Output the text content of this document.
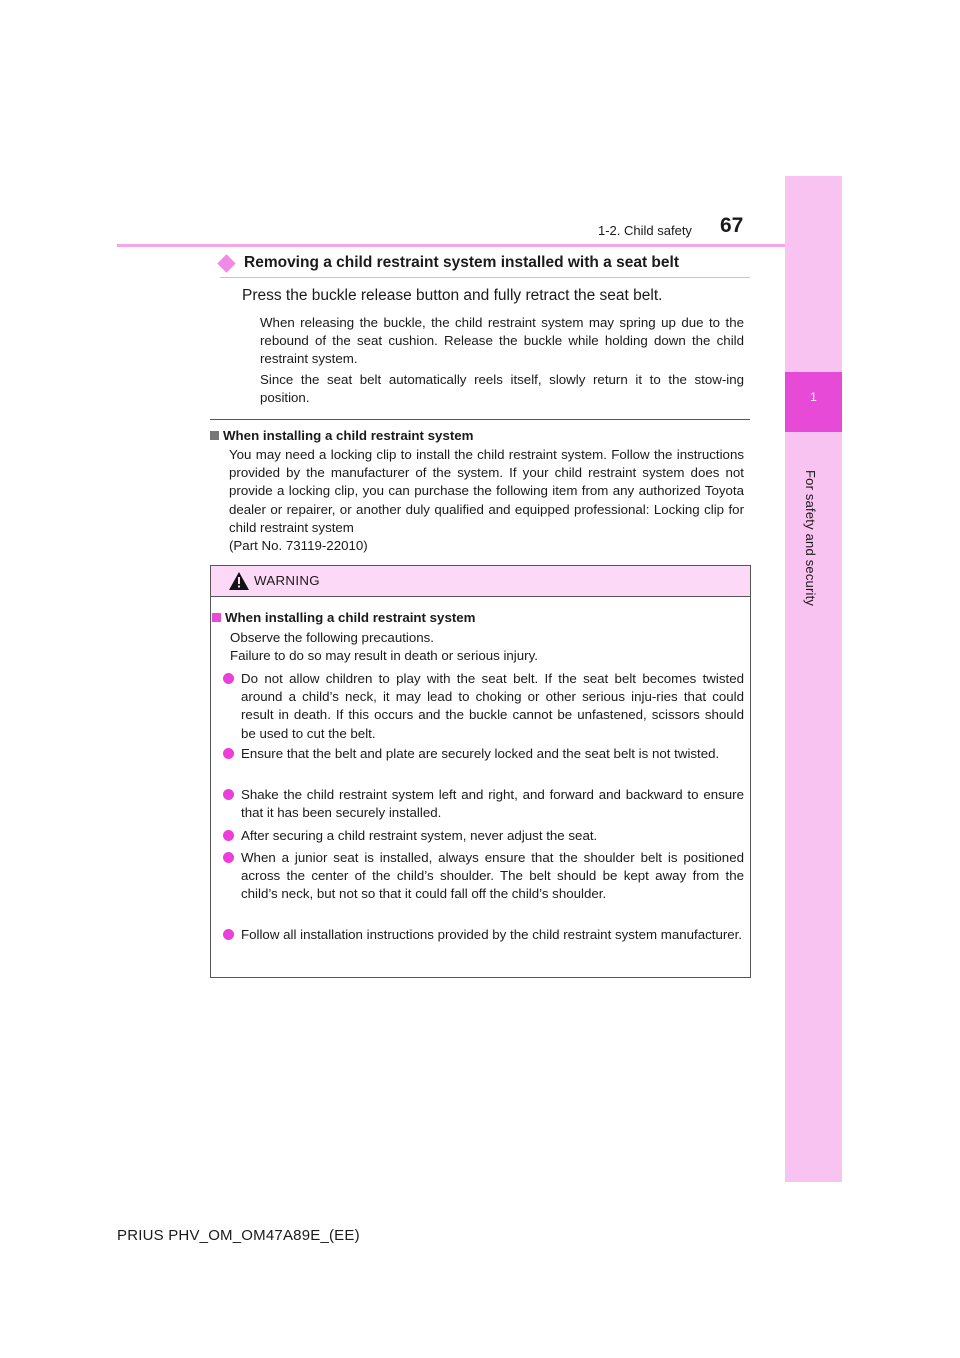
1
For safety and security
1-2. Child safety 67
Removing a child restraint system installed with a seat belt
Press the buckle release button and fully retract the seat belt.
When releasing the buckle, the child restraint system may spring up due to the rebound of the seat cushion. Release the buckle while holding down the child restraint system.
Since the seat belt automatically reels itself, slowly return it to the stow-ing position.
When installing a child restraint system
You may need a locking clip to install the child restraint system. Follow the instructions provided by the manufacturer of the system. If your child restraint system does not provide a locking clip, you can purchase the following item from any authorized Toyota dealer or repairer, or another duly qualified and equipped professional: Locking clip for child restraint system
(Part No. 73119-22010)
WARNING
When installing a child restraint system
Observe the following precautions.
Failure to do so may result in death or serious injury.
Do not allow children to play with the seat belt. If the seat belt becomes twisted around a child’s neck, it may lead to choking or other serious inju-ries that could result in death. If this occurs and the buckle cannot be unfastened, scissors should be used to cut the belt.
Ensure that the belt and plate are securely locked and the seat belt is not twisted.
Shake the child restraint system left and right, and forward and backward to ensure that it has been securely installed.
After securing a child restraint system, never adjust the seat.
When a junior seat is installed, always ensure that the shoulder belt is positioned across the center of the child’s shoulder. The belt should be kept away from the child’s neck, but not so that it could fall off the child’s shoulder.
Follow all installation instructions provided by the child restraint system manufacturer.
PRIUS PHV_OM_OM47A89E_(EE)
